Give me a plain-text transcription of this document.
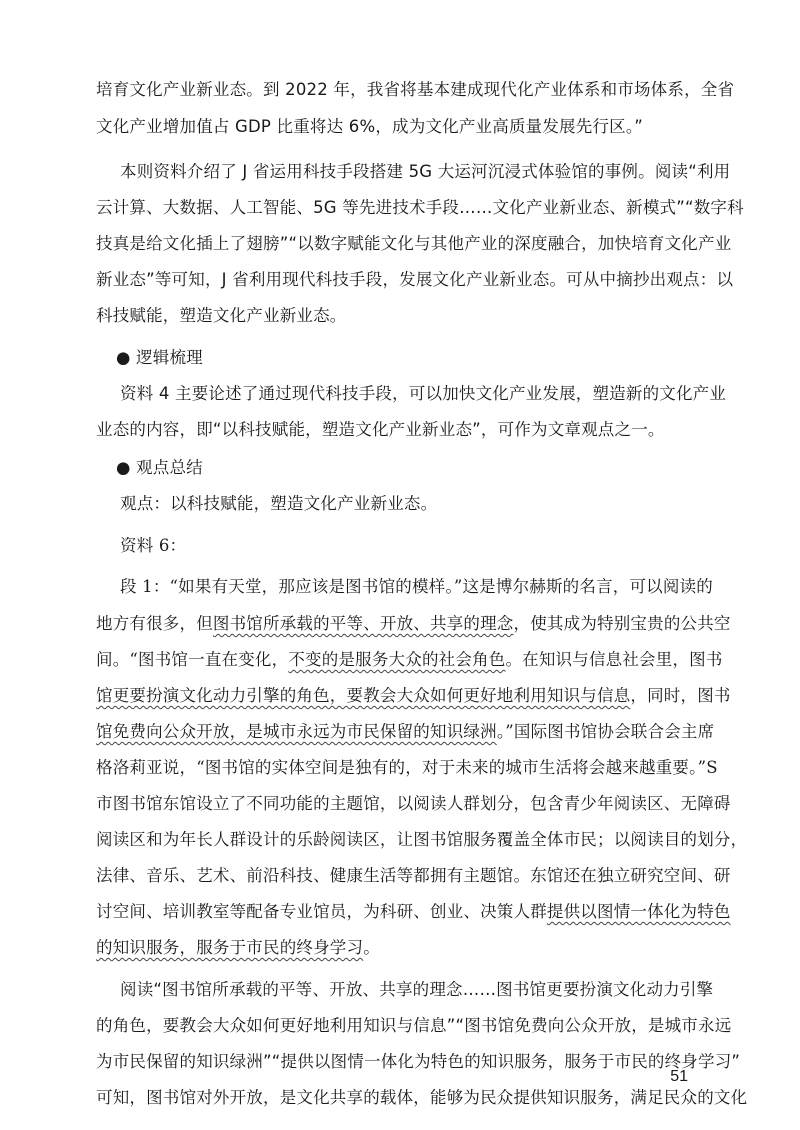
培育文化产业新业态。到 2022 年，我省将基本建成现代化产业体系和市场体系，全省
文化产业增加值占 GDP 比重将达 6%，成为文化产业高质量发展先行区。”
本则资料介绍了 J 省运用科技手段搭建 5G 大运河沉浸式体验馆的事例。阅读“利用
云计算、大数据、人工智能、5G 等先进技术手段……文化产业新业态、新模式”“数字科
技真是给文化插上了翅膀”“以数字赋能文化与其他产业的深度融合，加快培育文化产业
新业态”等可知，J 省利用现代科技手段，发展文化产业新业态。可从中摘抄出观点：以
科技赋能，塑造文化产业新业态。
● 逻辑梳理
资料 4 主要论述了通过现代科技手段，可以加快文化产业发展，塑造新的文化产业
业态的内容，即“以科技赋能，塑造文化产业新业态”，可作为文章观点之一。
● 观点总结
观点：以科技赋能，塑造文化产业新业态。
资料 6：
段 1：“如果有天堂，那应该是图书馆的模样。”这是博尔赫斯的名言，可以阅读的
地方有很多，但图书馆所承载的平等、开放、共享的理念，使其成为特别宝贵的公共空
间。“图书馆一直在变化，不变的是服务大众的社会角色。在知识与信息社会里，图书
馆更要扮演文化动力引擎的角色，要教会大众如何更好地利用知识与信息，同时，图书
馆免费向公众开放，是城市永远为市民保留的知识绿洲。”国际图书馆协会联合会主席
格洛莉亚说，“图书馆的实体空间是独有的，对于未来的城市生活将会越来越重要。”S
市图书馆东馆设立了不同功能的主题馆，以阅读人群划分，包含青少年阅读区、无障碍
阅读区和为年长人群设计的乐龄阅读区，让图书馆服务覆盖全体市民；以阅读目的划分，
法律、音乐、艺术、前沿科技、健康生活等都拥有主题馆。东馆还在独立研究空间、研
讨空间、培训教室等配备专业馆员，为科研、创业、决策人群提供以图情一体化为特色
的知识服务，服务于市民的终身学习。
阅读“图书馆所承载的平等、开放、共享的理念……图书馆更要扮演文化动力引擎
的角色，要教会大众如何更好地利用知识与信息”“图书馆免费向公众开放，是城市永远
为市民保留的知识绿洲”“提供以图情一体化为特色的知识服务，服务于市民的终身学习”
可知，图书馆对外开放，是文化共享的载体，能够为民众提供知识服务，满足民众的文化
51
